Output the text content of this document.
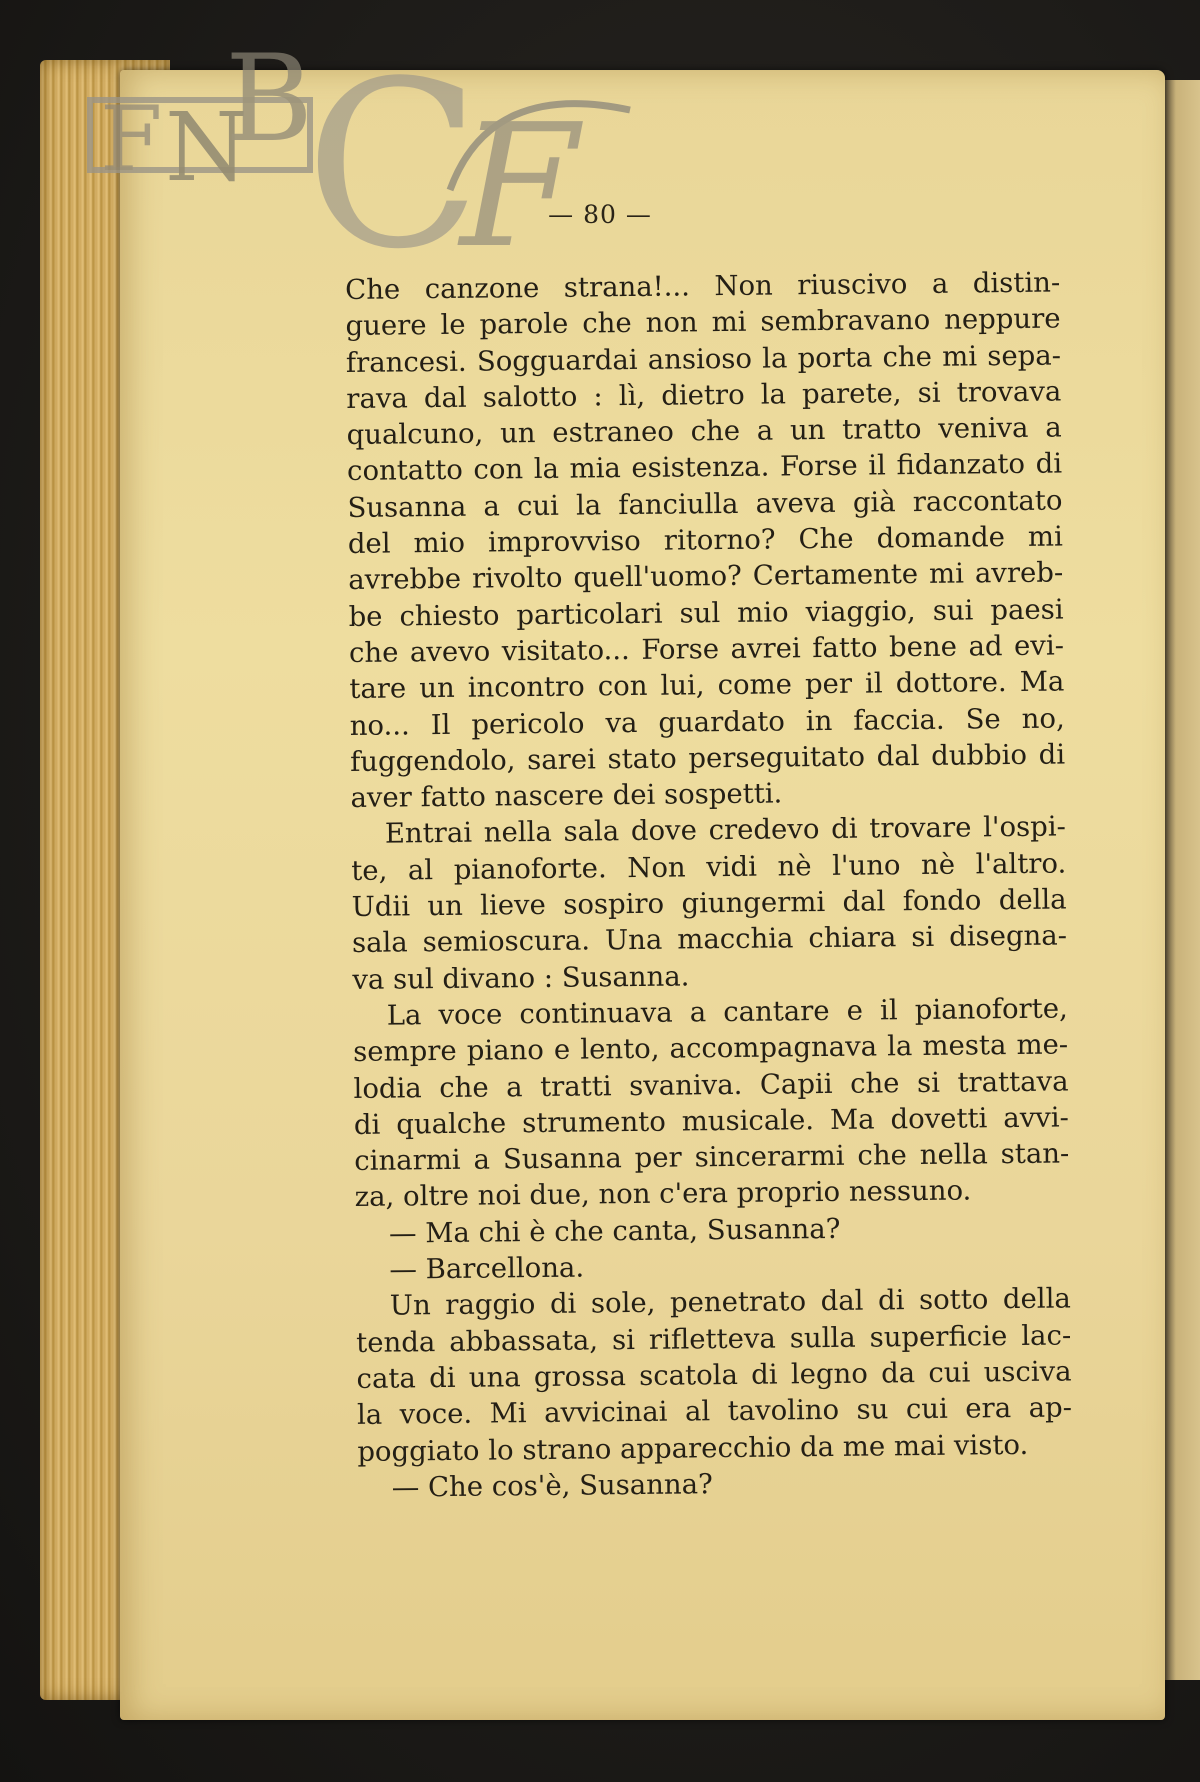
F N
B
C
F
— 80 —
Che canzone strana!... Non riuscivo a distin-
guere le parole che non mi sembravano neppure
francesi. Sogguardai ansioso la porta che mi sepa-
rava dal salotto : lì, dietro la parete, si trovava
qualcuno, un estraneo che a un tratto veniva a
contatto con la mia esistenza. Forse il fidanzato di
Susanna a cui la fanciulla aveva già raccontato
del mio improvviso ritorno? Che domande mi
avrebbe rivolto quell'uomo? Certamente mi avreb-
be chiesto particolari sul mio viaggio, sui paesi
che avevo visitato... Forse avrei fatto bene ad evi-
tare un incontro con lui, come per il dottore. Ma
no... Il pericolo va guardato in faccia. Se no,
fuggendolo, sarei stato perseguitato dal dubbio di
aver fatto nascere dei sospetti.
Entrai nella sala dove credevo di trovare l'ospi-
te, al pianoforte. Non vidi nè l'uno nè l'altro.
Udii un lieve sospiro giungermi dal fondo della
sala semioscura. Una macchia chiara si disegna-
va sul divano : Susanna.
La voce continuava a cantare e il pianoforte,
sempre piano e lento, accompagnava la mesta me-
lodia che a tratti svaniva. Capii che si trattava
di qualche strumento musicale. Ma dovetti avvi-
cinarmi a Susanna per sincerarmi che nella stan-
za, oltre noi due, non c'era proprio nessuno.
— Ma chi è che canta, Susanna?
— Barcellona.
Un raggio di sole, penetrato dal di sotto della
tenda abbassata, si rifletteva sulla superficie lac-
cata di una grossa scatola di legno da cui usciva
la voce. Mi avvicinai al tavolino su cui era ap-
poggiato lo strano apparecchio da me mai visto.
— Che cos'è, Susanna?
